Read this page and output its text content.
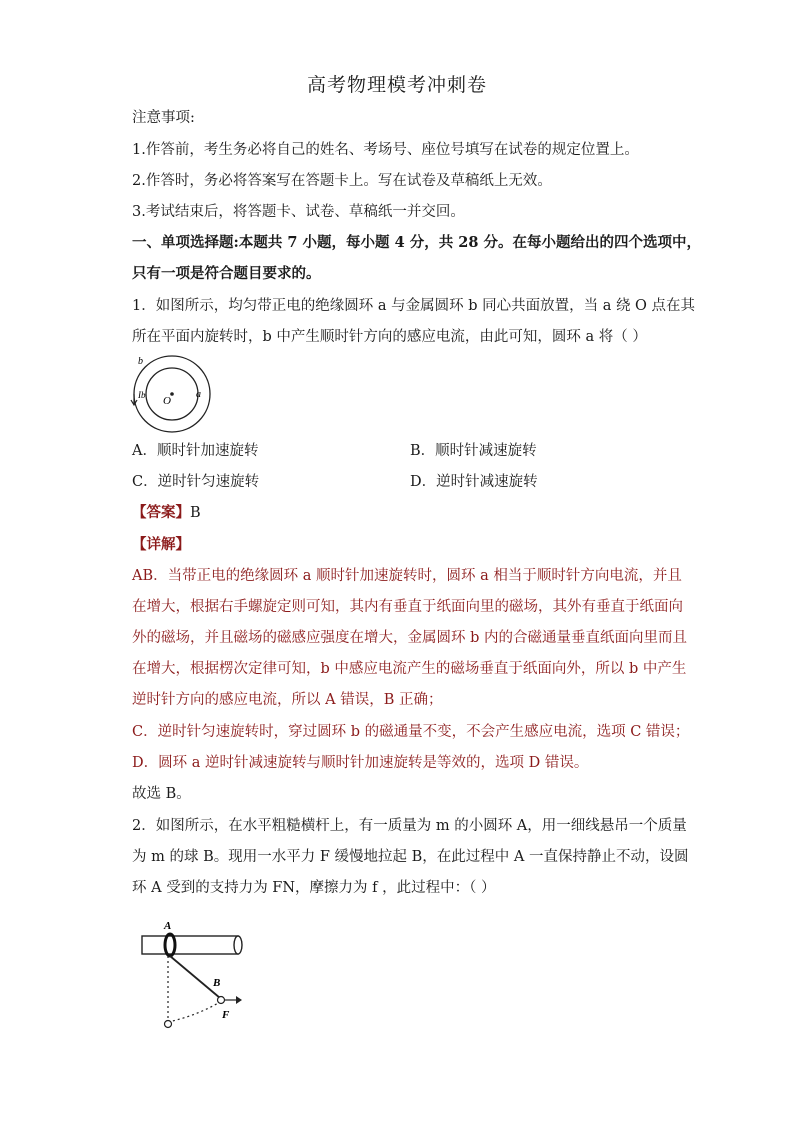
高考物理模考冲刺卷
注意事项:
1.作答前，考生务必将自己的姓名、考场号、座位号填写在试卷的规定位置上。
2.作答时，务必将答案写在答题卡上。写在试卷及草稿纸上无效。
3.考试结束后，将答题卡、试卷、草稿纸一并交回。
一、单项选择题:本题共 7 小题，每小题 4 分，共 28 分。在每小题给出的四个选项中，
只有一项是符合题目要求的。
1．如图所示，均匀带正电的绝缘圆环 a 与金属圆环 b 同心共面放置，当 a 绕 O 点在其
所在平面内旋转时，b 中产生顺时针方向的感应电流，由此可知，圆环 a 将（ ）
b
Ib O
a
A．顺时针加速旋转	B．顺时针减速旋转
C．逆时针匀速旋转	D．逆时针减速旋转
【答案】B
【详解】
AB．当带正电的绝缘圆环 a 顺时针加速旋转时，圆环 a 相当于顺时针方向电流，并且
在增大，根据右手螺旋定则可知，其内有垂直于纸面向里的磁场，其外有垂直于纸面向
外的磁场，并且磁场的磁感应强度在增大，金属圆环 b 内的合磁通量垂直纸面向里而且
在增大，根据楞次定律可知，b 中感应电流产生的磁场垂直于纸面向外，所以 b 中产生
逆时针方向的感应电流，所以 A 错误，B 正确；
C．逆时针匀速旋转时，穿过圆环 b 的磁通量不变，不会产生感应电流，选项 C 错误；
D．圆环 a 逆时针减速旋转与顺时针加速旋转是等效的，选项 D 错误。
故选 B。
2．如图所示，在水平粗糙横杆上，有一质量为 m 的小圆环 A，用一细线悬吊一个质量
为 m 的球 B。现用一水平力 F 缓慢地拉起 B，在此过程中 A 一直保持静止不动，设圆
环 A 受到的支持力为 FN，摩擦力为 f ，此过程中：（ ）
A
B
F
